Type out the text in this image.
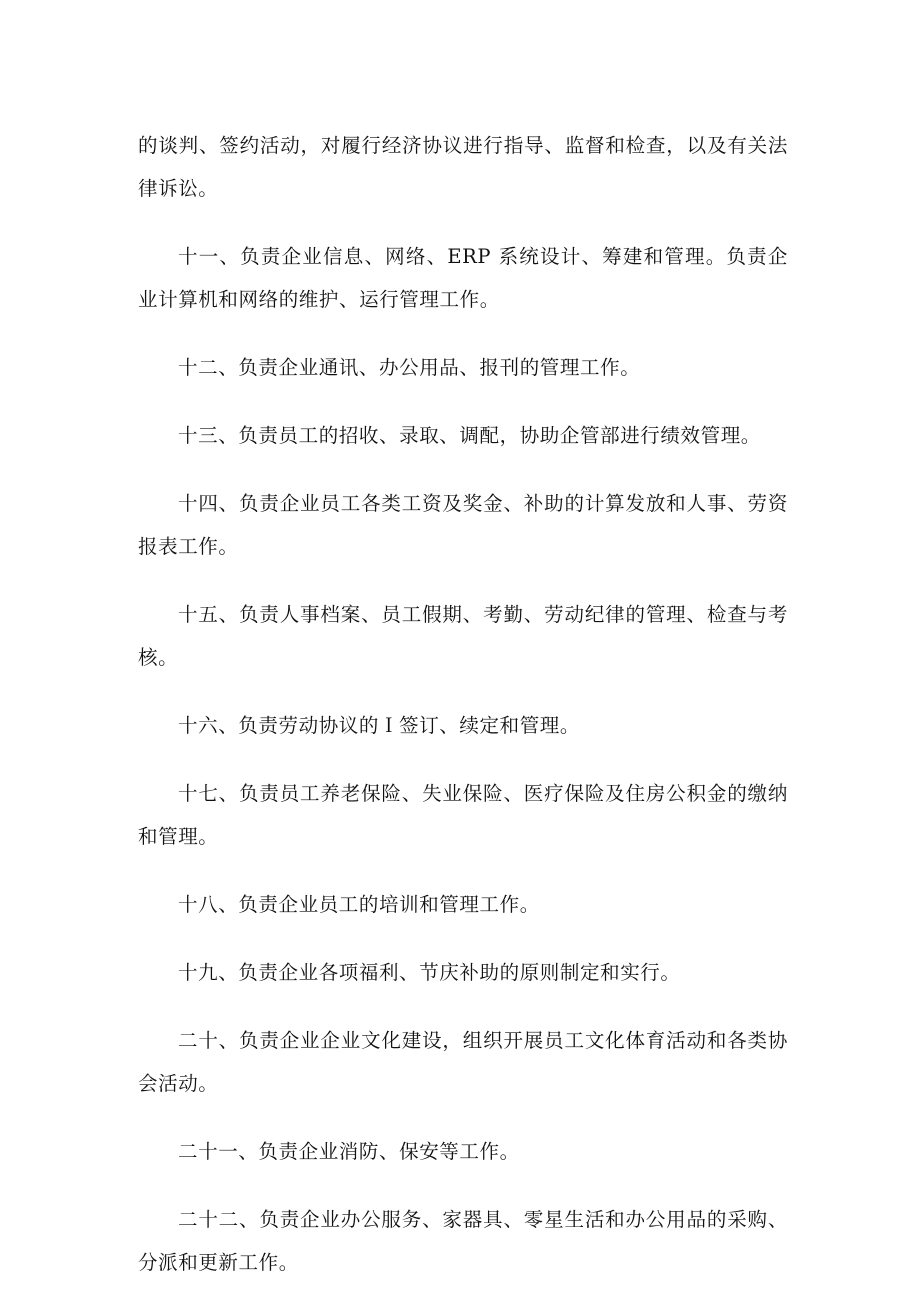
的谈判、签约活动，对履行经济协议进行指导、监督和检查，以及有关法律诉讼。

十一、负责企业信息、网络、ERP 系统设计、筹建和管理。负责企业计算机和网络的维护、运行管理工作。

十二、负责企业通讯、办公用品、报刊的管理工作。

十三、负责员工的招收、录取、调配，协助企管部进行绩效管理。

十四、负责企业员工各类工资及奖金、补助的计算发放和人事、劳资报表工作。

十五、负责人事档案、员工假期、考勤、劳动纪律的管理、检查与考核。

十六、负责劳动协议的Ｉ签订、续定和管理。

十七、负责员工养老保险、失业保险、医疗保险及住房公积金的缴纳和管理。

十八、负责企业员工的培训和管理工作。

十九、负责企业各项福利、节庆补助的原则制定和实行。

二十、负责企业企业文化建设，组织开展员工文化体育活动和各类协会活动。

二十一、负责企业消防、保安等工作。

二十二、负责企业办公服务、家器具、零星生活和办公用品的采购、分派和更新工作。
